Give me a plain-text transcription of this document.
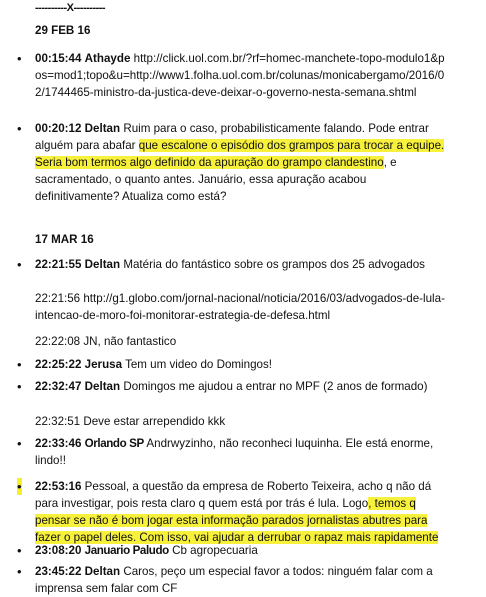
----------X----------
29 FEB 16
• 00:15:44 Athayde http://click.uol.com.br/?rf=homec-manchete-topo-modulo1&pos=mod1;topo&u=http://www1.folha.uol.com.br/colunas/monicabergamo/2016/02/1744465-ministro-da-justica-deve-deixar-o-governo-nesta-semana.shtml
• 00:20:12 Deltan Ruim para o caso, probabilisticamente falando. Pode entrar alguém para abafar que escalone o episódio dos grampos para trocar a equipe. Seria bom termos algo definido da apuração do grampo clandestino, e sacramentado, o quanto antes. Januário, essa apuração acabou definitivamente? Atualiza como está?
17 MAR 16
• 22:21:55 Deltan Matéria do fantástico sobre os grampos dos 25 advogados
22:21:56 http://g1.globo.com/jornal-nacional/noticia/2016/03/advogados-de-lula-intencao-de-moro-foi-monitorar-estrategia-de-defesa.html
22:22:08 JN, não fantastico
• 22:25:22 Jerusa Tem um video do Domingos!
• 22:32:47 Deltan Domingos me ajudou a entrar no MPF (2 anos de formado)
22:32:51 Deve estar arrependido kkk
• 22:33:46 Orlando SP Andrwyzinho, não reconheci luquinha. Ele está enorme, lindo!!
• 22:53:16 Pessoal, a questão da empresa de Roberto Teixeira, acho q não dá para investigar, pois resta claro q quem está por trás é lula. Logo, temos q pensar se não é bom jogar esta informação parados jornalistas abutres para fazer o papel deles. Com isso, vai ajudar a derrubar o rapaz mais rapidamente
• 23:08:20 Januario Paludo Cb agropecuaria
• 23:45:22 Deltan Caros, peço um especial favor a todos: ninguém falar com a imprensa sem falar com CF
